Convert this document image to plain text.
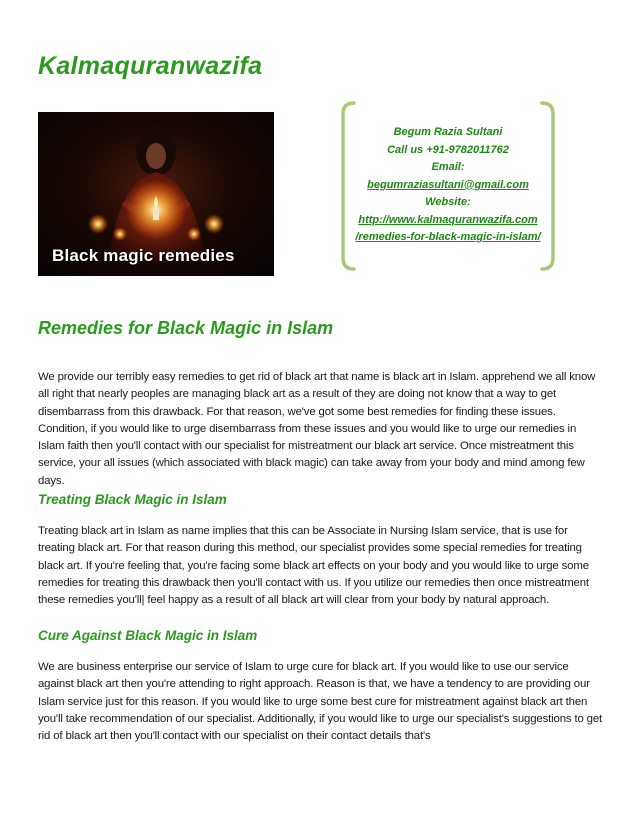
Kalmaquranwazifa
Black magic remedies
Begum Razia Sultani
Call us +91-9782011762
Email:
begumraziasultani@gmail.com
Website:
http://www.kalmaquranwazifa.com
/remedies-for-black-magic-in-islam/
Remedies for Black Magic in Islam

We provide our terribly easy remedies to get rid of black art that name is black art in Islam. apprehend we all know all right that nearly peoples are managing black art as a result of they are doing not know that a way to get disembarrass from this drawback. For that reason, we've got some best remedies for finding these issues. Condition, if you would like to urge disembarrass from these issues and you would like to urge our remedies in Islam faith then you'll contact with our specialist for mistreatment our black art service. Once mistreatment this service, your all issues (which associated with black magic) can take away from your body and mind among few days.

Treating Black Magic in Islam

Treating black art in Islam as name implies that this can be Associate in Nursing Islam service, that is use for treating black art. For that reason during this method, our specialist provides some special remedies for treating black art. If you're feeling that, you're facing some black art effects on your body and you would like to urge some remedies for treating this drawback then you'll contact with us. If you utilize our remedies then once mistreatment these remedies you'll| feel happy as a result of all black art will clear from your body by natural approach.

Cure Against Black Magic in Islam

We are business enterprise our service of Islam to urge cure for black art. If you would like to use our service against black art then you're attending to right approach. Reason is that, we have a tendency to are providing our Islam service just for this reason. If you would like to urge some best cure for mistreatment against black art then you'll take recommendation of our specialist. Additionally, if you would like to urge our specialist's suggestions to get rid of black art then you'll contact with our specialist on their contact details that's
